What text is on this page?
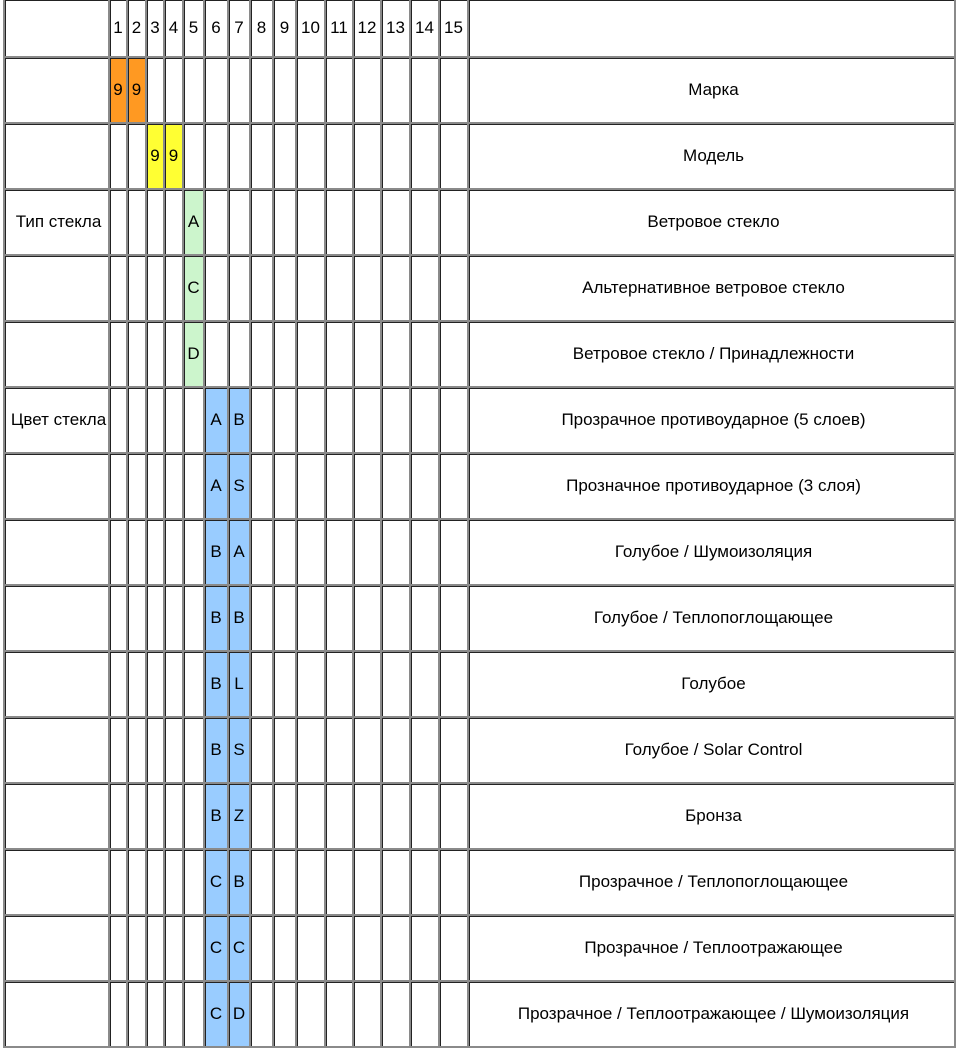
	1	2	3	4	5	6	7	8	9	10	11	12	13	14	15	
	9	9														Марка
			9	9												Модель
Тип стекла					A											Ветровое стекло
					C											Альтернативное ветровое стекло
					D											Ветровое стекло / Принадлежности
Цвет стекла						A	B									Прозрачное противоударное (5 слоев)
						A	S									Прозначное противоударное (3 слоя)
						B	A									Голубое / Шумоизоляция
						B	B									Голубое / Теплопоглощающее
						B	L									Голубое
						B	S									Голубое / Solar Control
						B	Z									Бронза
						C	B									Прозрачное / Теплопоглощающее
						C	C									Прозрачное / Теплоотражающее
						C	D									Прозрачное / Теплоотражающее / Шумоизоляция
